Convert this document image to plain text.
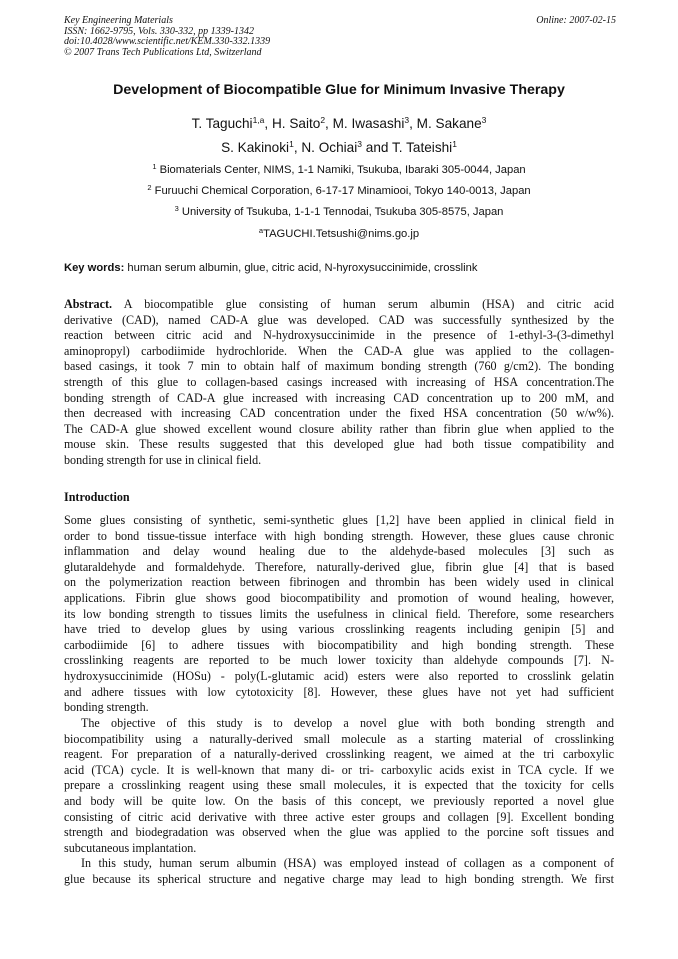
Key Engineering Materials
ISSN: 1662-9795, Vols. 330-332, pp 1339-1342
doi:10.4028/www.scientific.net/KEM.330-332.1339
© 2007 Trans Tech Publications Ltd, Switzerland
Online: 2007-02-15
Development of Biocompatible Glue for Minimum Invasive Therapy
T. Taguchi$^{1,a}$, H. Saito$^2$, M. Iwasashi$^3$, M. Sakane$^3$
S. Kakinoki$^1$, N. Ochiai$^3$ and T. Tateishi$^1$
$^1$ Biomaterials Center, NIMS, 1-1 Namiki, Tsukuba, Ibaraki 305-0044, Japan
$^2$ Furuuchi Chemical Corporation, 6-17-17 Minamiooi, Tokyo 140-0013, Japan
$^3$ University of Tsukuba, 1-1-1 Tennodai, Tsukuba 305-8575, Japan
$^a$TAGUCHI.Tetsushi@nims.go.jp
Key words: human serum albumin, glue, citric acid, N-hyroxysuccinimide, crosslink
Abstract. A biocompatible glue consisting of human serum albumin (HSA) and citric acid
derivative (CAD), named CAD-A glue was developed. CAD was successfully synthesized by the
reaction between citric acid and N-hydroxysuccinimide in the presence of 1-ethyl-3-(3-dimethyl
aminopropyl) carbodiimide hydrochloride. When the CAD-A glue was applied to the collagen-
based casings, it took 7 min to obtain half of maximum bonding strength (760 g/cm2). The bonding
strength of this glue to collagen-based casings increased with increasing of HSA concentration.The
bonding strength of CAD-A glue increased with increasing CAD concentration up to 200 mM, and
then decreased with increasing CAD concentration under the fixed HSA concentration (50 w/w%).
The CAD-A glue showed excellent wound closure ability rather than fibrin glue when applied to the
mouse skin. These results suggested that this developed glue had both tissue compatibility and
bonding strength for use in clinical field.
Introduction
Some glues consisting of synthetic, semi-synthetic glues [1,2] have been applied in clinical field in
order to bond tissue-tissue interface with high bonding strength. However, these glues cause chronic
inflammation and delay wound healing due to the aldehyde-based molecules [3] such as
glutaraldehyde and formaldehyde. Therefore, naturally-derived glue, fibrin glue [4] that is based
on the polymerization reaction between fibrinogen and thrombin has been widely used in clinical
applications. Fibrin glue shows good biocompatibility and promotion of wound healing, however,
its low bonding strength to tissues limits the usefulness in clinical field. Therefore, some researchers
have tried to develop glues by using various crosslinking reagents including genipin [5] and
carbodiimide [6] to adhere tissues with biocompatibility and high bonding strength. These
crosslinking reagents are reported to be much lower toxicity than aldehyde compounds [7]. N-
hydroxysuccinimide (HOSu) - poly(L-glutamic acid) esters were also reported to crosslink gelatin
and adhere tissues with low cytotoxicity [8]. However, these glues have not yet had sufficient
bonding strength.
The objective of this study is to develop a novel glue with both bonding strength and
biocompatibility using a naturally-derived small molecule as a starting material of crosslinking
reagent. For preparation of a naturally-derived crosslinking reagent, we aimed at the tri carboxylic
acid (TCA) cycle. It is well-known that many di- or tri- carboxylic acids exist in TCA cycle. If we
prepare a crosslinking reagent using these small molecules, it is expected that the toxicity for cells
and body will be quite low. On the basis of this concept, we previously reported a novel glue
consisting of citric acid derivative with three active ester groups and collagen [9]. Excellent bonding
strength and biodegradation was observed when the glue was applied to the porcine soft tissues and
subcutaneous implantation.
In this study, human serum albumin (HSA) was employed instead of collagen as a component of
glue because its spherical structure and negative charge may lead to high bonding strength. We first
